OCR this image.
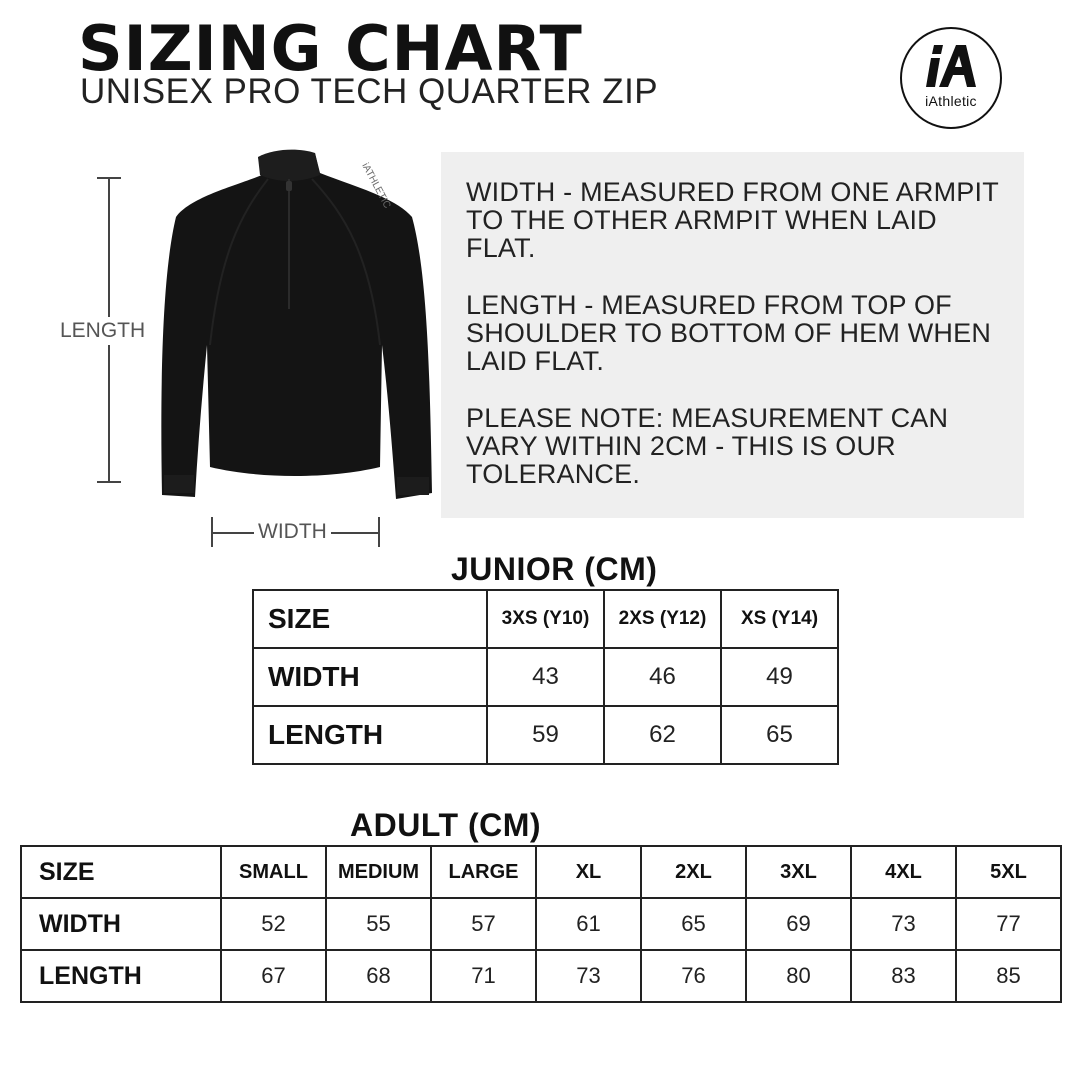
SIZING CHART
UNISEX PRO TECH QUARTER ZIP	iAthletic
LENGTH
WIDTH
iATHLETIC	WIDTH - MEASURED FROM ONE ARMPIT TO THE OTHER ARMPIT WHEN LAID FLAT.

LENGTH - MEASURED FROM TOP OF SHOULDER TO BOTTOM OF HEM WHEN LAID FLAT.

PLEASE NOTE: MEASUREMENT CAN VARY WITHIN 2CM - THIS IS OUR TOLERANCE.

JUNIOR (CM)
SIZE	3XS (Y10)	2XS (Y12)	XS (Y14)
WIDTH	43	46	49
LENGTH	59	62	65
ADULT (CM)
SIZE	SMALL	MEDIUM	LARGE	XL	2XL	3XL	4XL	5XL
WIDTH	52	55	57	61	65	69	73	77
LENGTH	67	68	71	73	76	80	83	85
